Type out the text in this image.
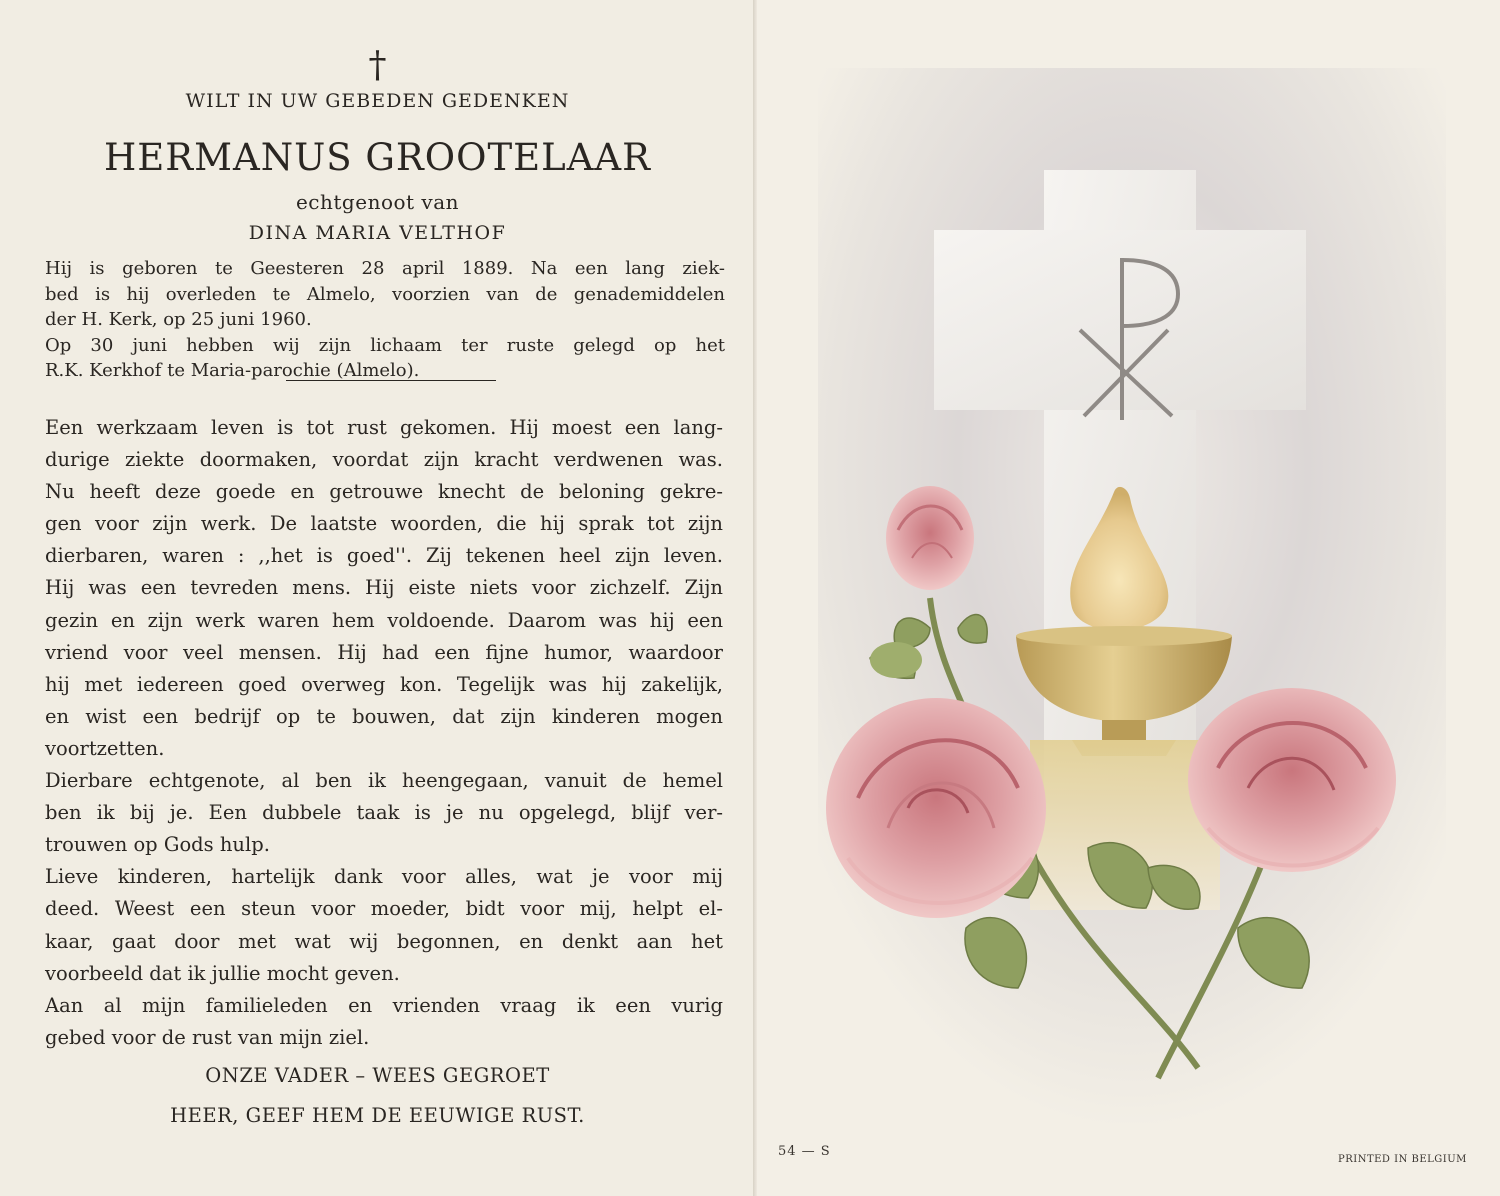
†
WILT IN UW GEBEDEN GEDENKEN
HERMANUS GROOTELAAR
echtgenoot van
DINA MARIA VELTHOF
Hij is geboren te Geesteren 28 april 1889. Na een lang ziek-
bed is hij overleden te Almelo, voorzien van de genademiddelen
der H. Kerk, op 25 juni 1960.
Op 30 juni hebben wij zijn lichaam ter ruste gelegd op het
R.K. Kerkhof te Maria-parochie (Almelo).
Een werkzaam leven is tot rust gekomen. Hij moest een lang-
durige ziekte doormaken, voordat zijn kracht verdwenen was.
Nu heeft deze goede en getrouwe knecht de beloning gekre-
gen voor zijn werk. De laatste woorden, die hij sprak tot zijn
dierbaren, waren : ,,het is goed''. Zij tekenen heel zijn leven.
Hij was een tevreden mens. Hij eiste niets voor zichzelf. Zijn
gezin en zijn werk waren hem voldoende. Daarom was hij een
vriend voor veel mensen. Hij had een fijne humor, waardoor
hij met iedereen goed overweg kon. Tegelijk was hij zakelijk,
en wist een bedrijf op te bouwen, dat zijn kinderen mogen
voortzetten.
Dierbare echtgenote, al ben ik heengegaan, vanuit de hemel
ben ik bij je. Een dubbele taak is je nu opgelegd, blijf ver-
trouwen op Gods hulp.
Lieve kinderen, hartelijk dank voor alles, wat je voor mij
deed. Weest een steun voor moeder, bidt voor mij, helpt el-
kaar, gaat door met wat wij begonnen, en denkt aan het
voorbeeld dat ik jullie mocht geven.
Aan al mijn familieleden en vrienden vraag ik een vurig
gebed voor de rust van mijn ziel.
ONZE VADER – WEES GEGROET
HEER, GEEF HEM DE EEUWIGE RUST.
54 — S
PRINTED IN BELGIUM
